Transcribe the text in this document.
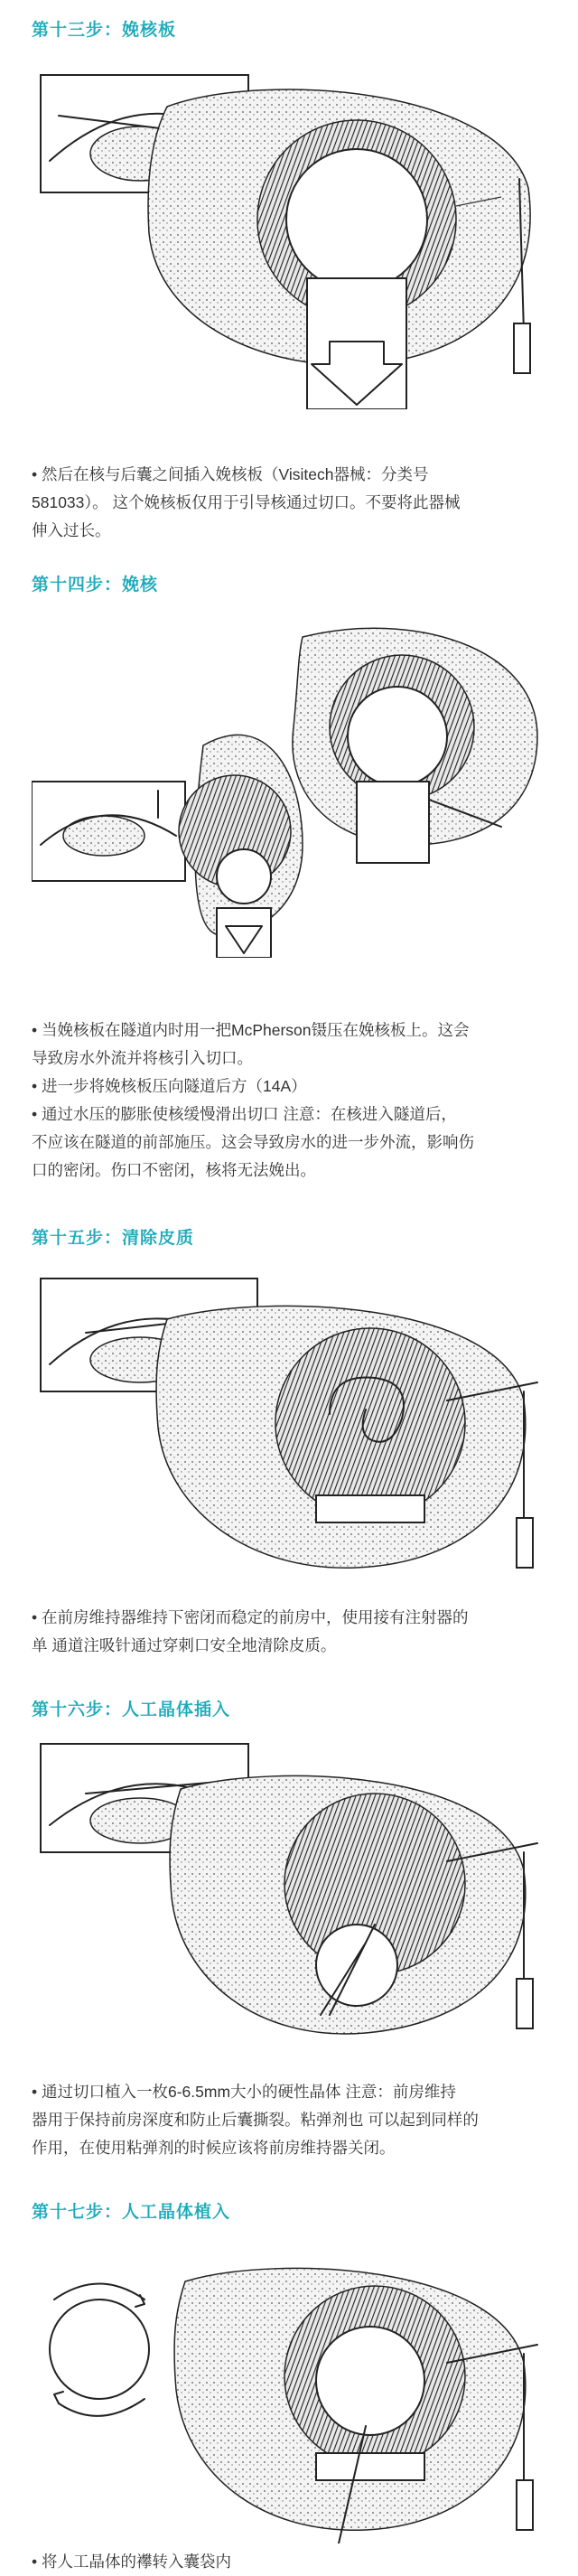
第十三步：娩核板

• 然后在核与后囊之间插入娩核板（Visitech器械：分类号
581033）。 这个娩核板仅用于引导核通过切口。不要将此器械
伸入过长。

第十四步：娩核

• 当娩核板在隧道内时用一把McPherson镊压在娩核板上。这会
导致房水外流并将核引入切口。

• 进一步将娩核板压向隧道后方（14A）

• 通过水压的膨胀使核缓慢滑出切口 注意：在核进入隧道后，
不应该在隧道的前部施压。这会导致房水的进一步外流，影响伤
口的密闭。伤口不密闭，核将无法娩出。

第十五步：清除皮质

• 在前房维持器维持下密闭而稳定的前房中，使用接有注射器的
单 通道注吸针通过穿刺口安全地清除皮质。

第十六步：人工晶体插入

• 通过切口植入一枚6-6.5mm大小的硬性晶体 注意：前房维持
器用于保持前房深度和防止后囊撕裂。粘弹剂也 可以起到同样的
作用，在使用粘弹剂的时候应该将前房维持器关闭。

第十七步：人工晶体植入

• 将人工晶体的襻转入囊袋内
